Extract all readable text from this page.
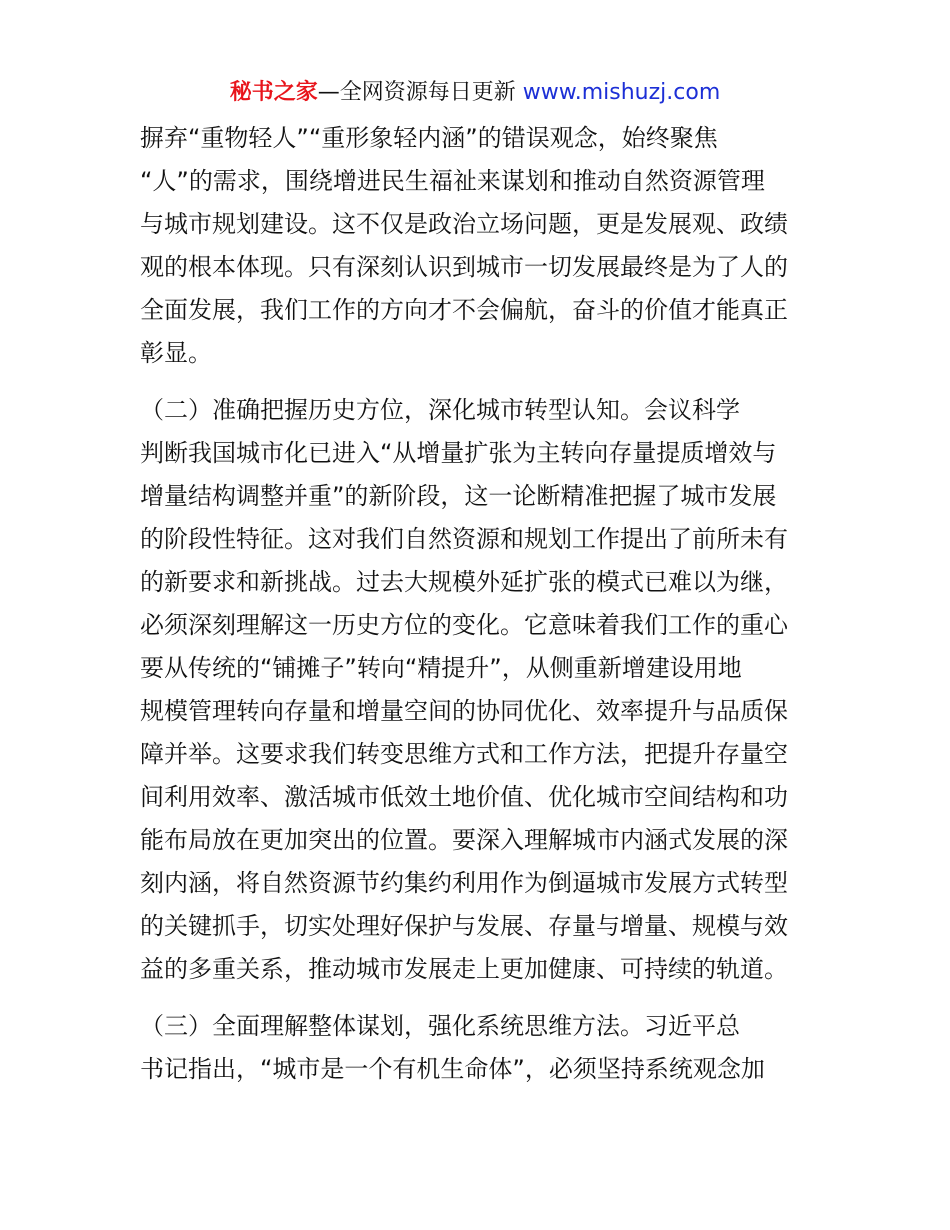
秘书之家—全网资源每日更新 www.mishuzj.com
摒弃“重物轻人”“重形象轻内涵”的错误观念，始终聚焦
“人”的需求，围绕增进民生福祉来谋划和推动自然资源管理
与城市规划建设。这不仅是政治立场问题，更是发展观、政绩
观的根本体现。只有深刻认识到城市一切发展最终是为了人的
全面发展，我们工作的方向才不会偏航，奋斗的价值才能真正
彰显。
（二）准确把握历史方位，深化城市转型认知。会议科学
判断我国城市化已进入“从增量扩张为主转向存量提质增效与
增量结构调整并重”的新阶段，这一论断精准把握了城市发展
的阶段性特征。这对我们自然资源和规划工作提出了前所未有
的新要求和新挑战。过去大规模外延扩张的模式已难以为继，
必须深刻理解这一历史方位的变化。它意味着我们工作的重心
要从传统的“铺摊子”转向“精提升”，从侧重新增建设用地
规模管理转向存量和增量空间的协同优化、效率提升与品质保
障并举。这要求我们转变思维方式和工作方法，把提升存量空
间利用效率、激活城市低效土地价值、优化城市空间结构和功
能布局放在更加突出的位置。要深入理解城市内涵式发展的深
刻内涵，将自然资源节约集约利用作为倒逼城市发展方式转型
的关键抓手，切实处理好保护与发展、存量与增量、规模与效
益的多重关系，推动城市发展走上更加健康、可持续的轨道。
（三）全面理解整体谋划，强化系统思维方法。习近平总
书记指出，“城市是一个有机生命体”，必须坚持系统观念加
